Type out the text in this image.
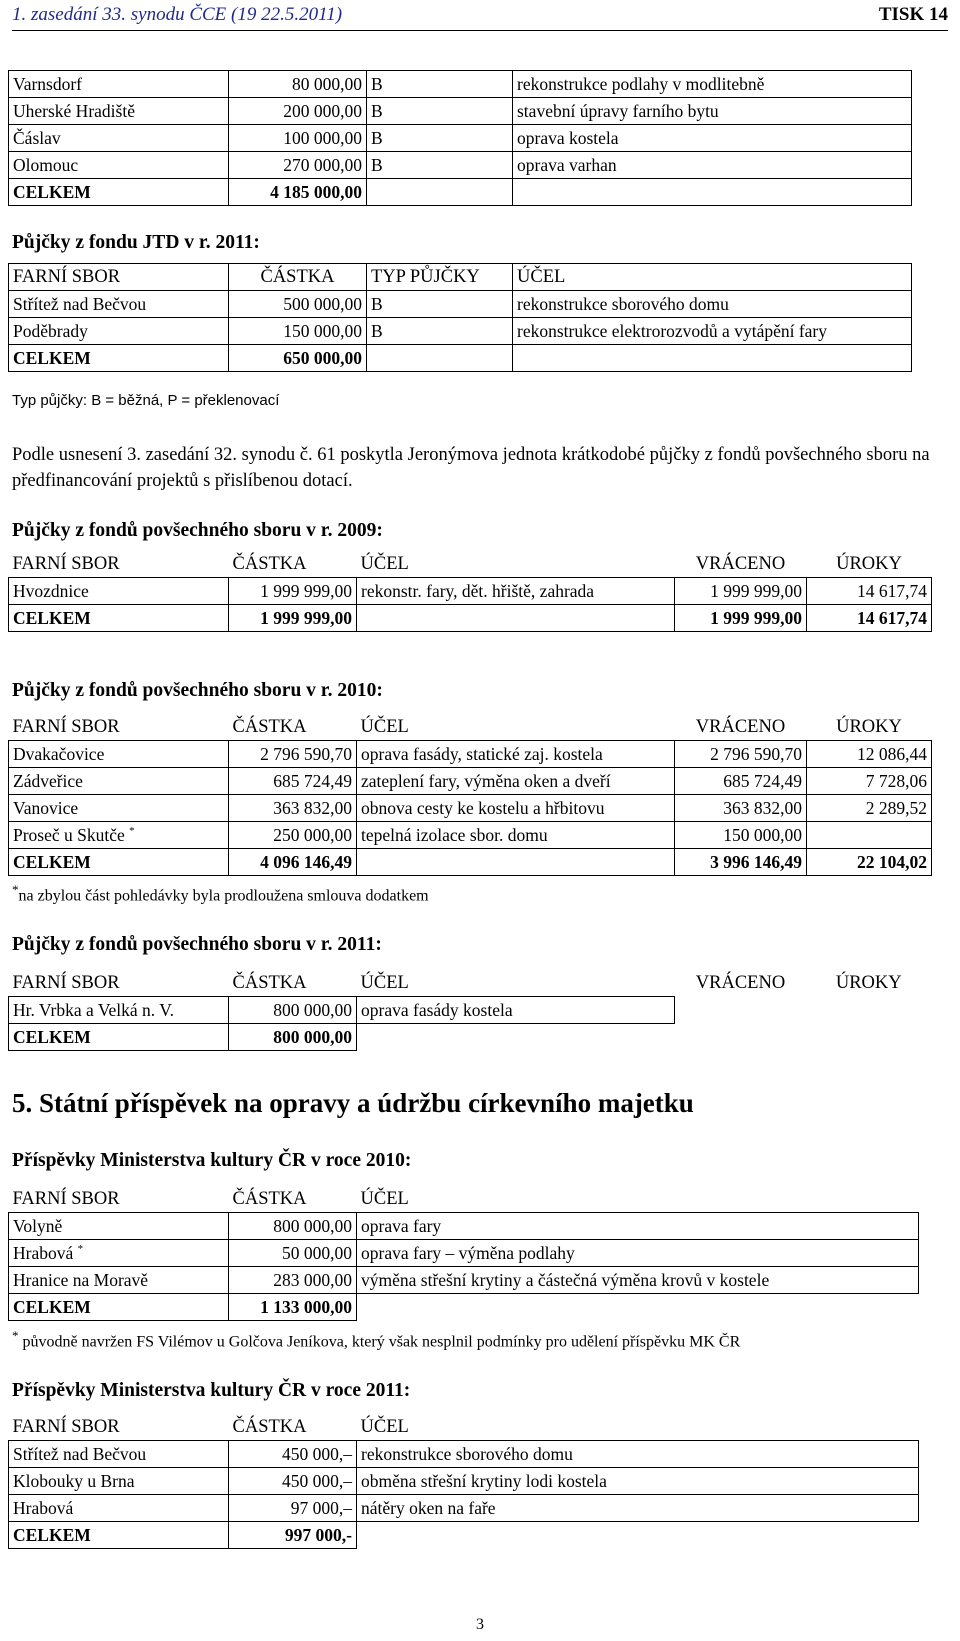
1. zasedání 33. synodu ČCE (19 22.5.2011)	TISK 14
Varnsdorf	80 000,00	B	rekonstrukce podlahy v modlitebně
Uherské Hradiště	200 000,00	B	stavební úpravy farního bytu
Čáslav	100 000,00	B	oprava kostela
Olomouc	270 000,00	B	oprava varhan
CELKEM	4 185 000,00		
Půjčky z fondu JTD v r. 2011:
FARNÍ SBOR	ČÁSTKA	TYP PŮJČKY	ÚČEL
Střítež nad Bečvou	500 000,00	B	rekonstrukce sborového domu
Poděbrady	150 000,00	B	rekonstrukce elektrorozvodů a vytápění fary
CELKEM	650 000,00		
Typ půjčky: B = běžná, P = překlenovací
Podle usnesení 3. zasedání 32. synodu č. 61 poskytla Jeronýmova jednota krátkodobé půjčky z fondů povšechného sboru na předfinancování projektů s přislíbenou dotací.
Půjčky z fondů povšechného sboru v r. 2009:
FARNÍ SBOR	ČÁSTKA	ÚČEL	VRÁCENO	ÚROKY
Hvozdnice	1 999 999,00	rekonstr. fary, dět. hřiště, zahrada	1 999 999,00	14 617,74
CELKEM	1 999 999,00		1 999 999,00	14 617,74
Půjčky z fondů povšechného sboru v r. 2010:
FARNÍ SBOR	ČÁSTKA	ÚČEL	VRÁCENO	ÚROKY
Dvakačovice	2 796 590,70	oprava fasády, statické zaj. kostela	2 796 590,70	12 086,44
Zádveřice	685 724,49	zateplení fary, výměna oken a dveří	685 724,49	7 728,06
Vanovice	363 832,00	obnova cesty ke kostelu a hřbitovu	363 832,00	2 289,52
Proseč u Skutče *	250 000,00	tepelná izolace sbor. domu	150 000,00	
CELKEM	4 096 146,49		3 996 146,49	22 104,02
*na zbylou část pohledávky byla prodloužena smlouva dodatkem
Půjčky z fondů povšechného sboru v r. 2011:
FARNÍ SBOR	ČÁSTKA	ÚČEL	VRÁCENO	ÚROKY
Hr. Vrbka a Velká n. V.	800 000,00	oprava fasády kostela		
CELKEM	800 000,00			
5. Státní příspěvek na opravy a údržbu církevního majetku
Příspěvky Ministerstva kultury ČR v roce 2010:
FARNÍ SBOR	ČÁSTKA	ÚČEL
Volyně	800 000,00	oprava fary
Hrabová *	50 000,00	oprava fary – výměna podlahy
Hranice na Moravě	283 000,00	výměna střešní krytiny a částečná výměna krovů v kostele
CELKEM	1 133 000,00	
* původně navržen FS Vilémov u Golčova Jeníkova, který však nesplnil podmínky pro udělení příspěvku MK ČR
Příspěvky Ministerstva kultury ČR v roce 2011:
FARNÍ SBOR	ČÁSTKA	ÚČEL
Střítež nad Bečvou	450 000,–	rekonstrukce sborového domu
Klobouky u Brna	450 000,–	obměna střešní krytiny lodi kostela
Hrabová	97 000,–	nátěry oken na faře
CELKEM	997 000,-	
3
